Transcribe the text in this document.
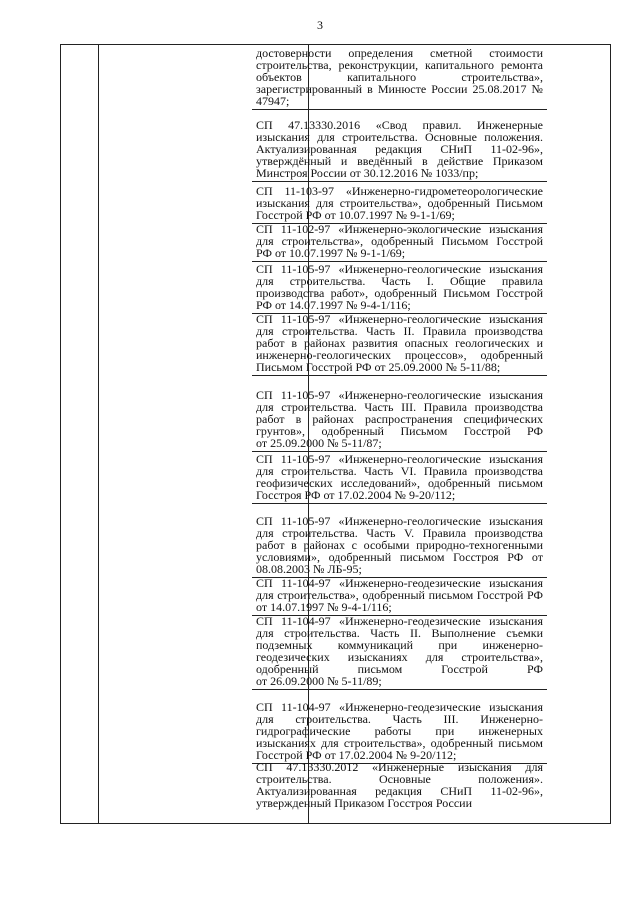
3
достоверности определения сметной стоимости
строительства, реконструкции, капитального ремонта
объектов капитального строительства»,
зарегистрированный в Минюсте России 25.08.2017 №
47947;
СП 47.13330.2016 «Свод правил. Инженерные
изыскания для строительства. Основные положения.
Актуализированная редакция СНиП 11-02-96»,
утверждённый и введённый в действие Приказом
Минстроя России от 30.12.2016 № 1033/пр;
СП 11-103-97 «Инженерно-гидрометеорологические
изыскания для строительства», одобренный Письмом
Госстрой РФ от 10.07.1997 № 9-1-1/69;
СП 11-102-97 «Инженерно-экологические изыскания
для строительства», одобренный Письмом Госстрой
РФ от 10.07.1997 № 9-1-1/69;
СП 11-105-97 «Инженерно-геологические изыскания
для строительства. Часть I. Общие правила
производства работ», одобренный Письмом Госстрой
РФ от 14.07.1997 № 9-4-1/116;
СП 11-105-97 «Инженерно-геологические изыскания
для строительства. Часть II. Правила производства
работ в районах развития опасных геологических и
инженерно-геологических процессов», одобренный
Письмом Госстрой РФ от 25.09.2000 № 5-11/88;
СП 11-105-97 «Инженерно-геологические изыскания
для строительства. Часть III. Правила производства
работ в районах распространения специфических
грунтов», одобренный Письмом Госстрой РФ
от 25.09.2000 № 5-11/87;
СП 11-105-97 «Инженерно-геологические изыскания
для строительства. Часть VI. Правила производства
геофизических исследований», одобренный письмом
Госстроя РФ от 17.02.2004 № 9-20/112;
СП 11-105-97 «Инженерно-геологические изыскания
для строительства. Часть V. Правила производства
работ в районах с особыми природно-техногенными
условиями», одобренный письмом Госстроя РФ от
08.08.2003 № ЛБ-95;
СП 11-104-97 «Инженерно-геодезические изыскания
для строительства», одобренный письмом Госстрой РФ
от 14.07.1997 № 9-4-1/116;
СП 11-104-97 «Инженерно-геодезические изыскания
для строительства. Часть II. Выполнение съемки
подземных коммуникаций при инженерно-
геодезических изысканиях для строительства»,
одобренный письмом Госстрой РФ
от 26.09.2000 № 5-11/89;
СП 11-104-97 «Инженерно-геодезические изыскания
для строительства. Часть III. Инженерно-
гидрографические работы при инженерных
изысканиях для строительства», одобренный письмом
Госстрой РФ от 17.02.2004 № 9-20/112;
СП 47.13330.2012 «Инженерные изыскания для
строительства. Основные положения».
Актуализированная редакция СНиП 11-02-96»,
утвержденный Приказом Госстроя России
